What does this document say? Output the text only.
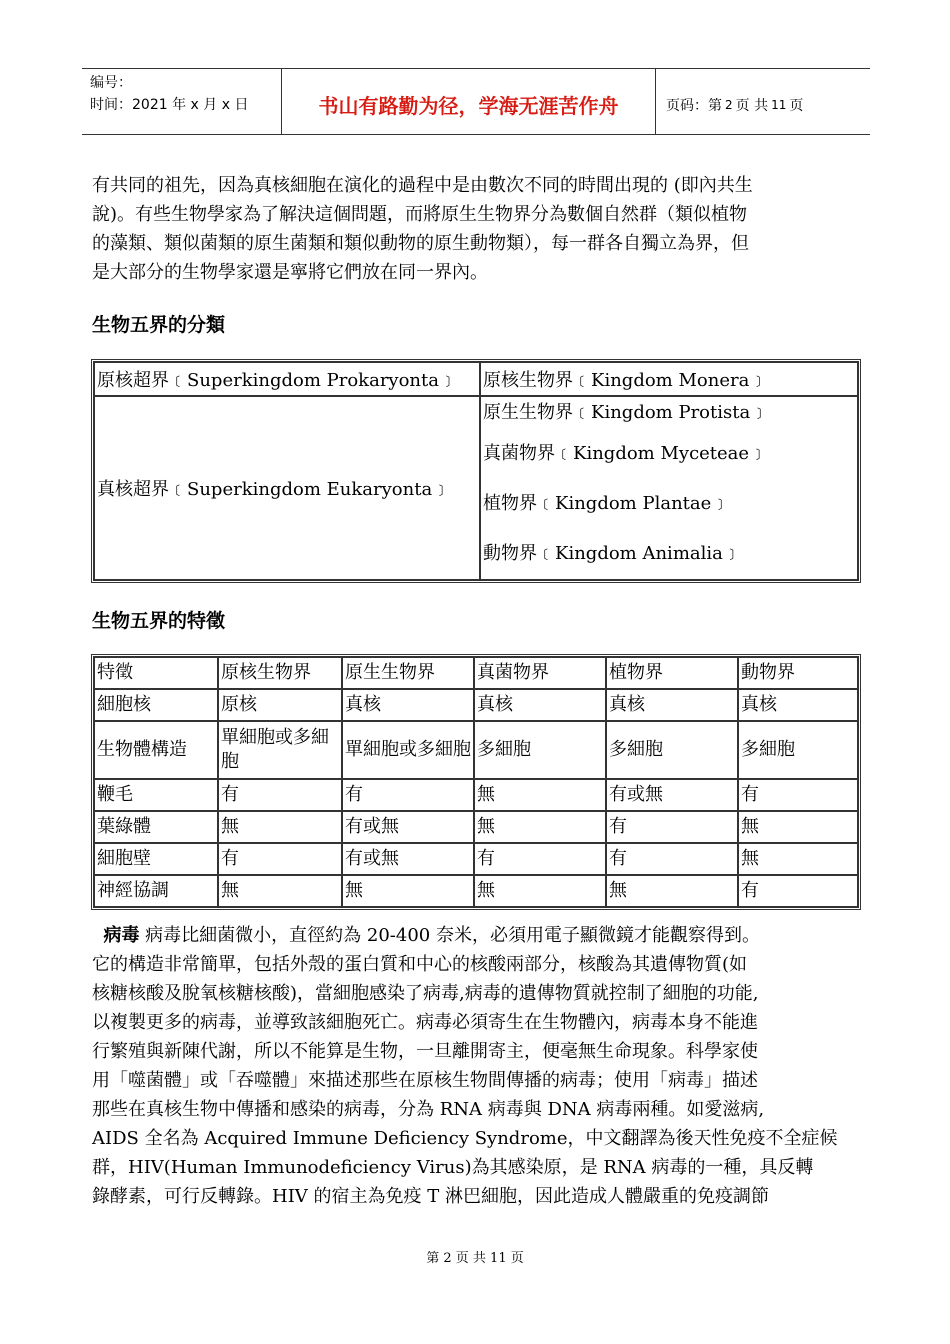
编号：
时间：2021 年 x 月 x 日	书山有路勤为径，学海无涯苦作舟	页码：第 2 页 共 11 页
有共同的祖先，因為真核細胞在演化的過程中是由數次不同的時間出現的 (即內共生
說)。有些生物學家為了解決這個問題，而將原生生物界分為數個自然群（類似植物
的藻類、類似菌類的原生菌類和類似動物的原生動物類），每一群各自獨立為界，但
是大部分的生物學家還是寧將它們放在同一界內。
生物五界的分類
原核超界﹝Superkingdom Prokaryonta﹞	原核生物界﹝Kingdom Monera﹞
真核超界﹝Superkingdom Eukaryonta﹞	原生生物界﹝Kingdom Protista﹞
真菌物界﹝Kingdom Myceteae﹞
植物界﹝Kingdom Plantae﹞
動物界﹝Kingdom Animalia﹞
生物五界的特徵
特徵	原核生物界	原生生物界	真菌物界	植物界	動物界
細胞核	原核	真核	真核	真核	真核
生物體構造	單細胞或多細胞	單細胞或多細胞	多細胞	多細胞	多細胞
鞭毛	有	有	無	有或無	有
葉綠體	無	有或無	無	有	無
細胞壁	有	有或無	有	有	無
神經協調	無	無	無	無	有
病毒 病毒比細菌微小，直徑約為 20-400 奈米，必須用電子顯微鏡才能觀察得到。
它的構造非常簡單，包括外殼的蛋白質和中心的核酸兩部分，核酸為其遺傳物質(如
核糖核酸及脫氧核糖核酸)，當細胞感染了病毒,病毒的遺傳物質就控制了細胞的功能,
以複製更多的病毒，並導致該細胞死亡。病毒必須寄生在生物體內，病毒本身不能進
行繁殖與新陳代謝，所以不能算是生物，一旦離開寄主，便毫無生命現象。科學家使
用「噬菌體」或「吞噬體」來描述那些在原核生物間傳播的病毒；使用「病毒」描述
那些在真核生物中傳播和感染的病毒，分為 RNA 病毒與 DNA 病毒兩種。如愛滋病,
AIDS 全名為 Acquired Immune Deficiency Syndrome，中文翻譯為後天性免疫不全症候
群，HIV(Human Immunodeficiency Virus)為其感染原，是 RNA 病毒的一種，具反轉
錄酵素，可行反轉錄。HIV 的宿主為免疫 T 淋巴細胞，因此造成人體嚴重的免疫調節
第 2 页 共 11 页
